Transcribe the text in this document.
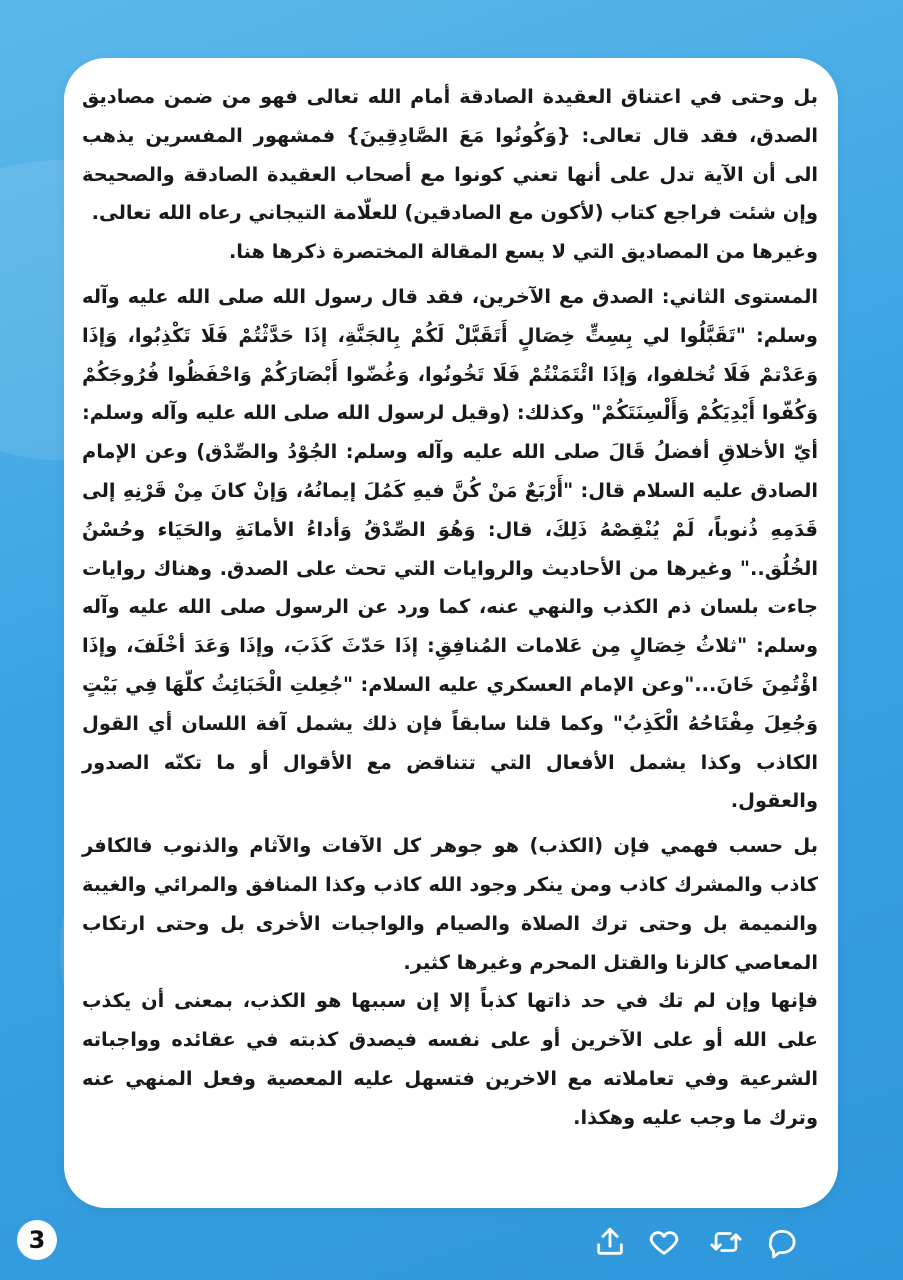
بل وحتى في اعتناق العقيدة الصادقة أمام الله تعالى فهو من ضمن مصاديق الصدق، فقد قال تعالى: {وَكُونُوا مَعَ الصَّادِقِينَ} فمشهور المفسرين يذهب الى أن الآية تدل على أنها تعني كونوا مع أصحاب العقيدة الصادقة والصحيحة وإن شئت فراجع كتاب (لأكون مع الصادقين) للعلّامة التيجاني رعاه الله تعالى.

وغيرها من المصاديق التي لا يسع المقالة المختصرة ذكرها هنا.

المستوى الثاني: الصدق مع الآخرين، فقد قال رسول الله صلى الله عليه وآله وسلم: "تَقَبَّلُوا لي بِسِتٍّ خِصَالٍ أَتَقَبَّلْ لَكُمْ بِالجَنَّةِ، إذَا حَدَّثْتُمْ فَلَا تَكْذِبُوا، وَإذَا وَعَدْتمْ فَلَا تُخلفوا، وَإذَا ائْتَمَنْتُمْ فَلَا تَخُونُوا، وَغُضّوا أَبْصَارَكُمْ وَاحْفَظُوا فُرُوجَكُمْ وَكُفّوا أَيْدِيَكُمْ وَأَلْسِنَتَكُمْ" وكذلك: (وقيل لرسول الله صلى الله عليه وآله وسلم: أيّ الأخلاقِ أفضلُ قَالَ صلى الله عليه وآله وسلم: الجُوْدُ والصِّدْق) وعن الإمام الصادق عليه السلام قال: "أَرْبَعٌ مَنْ كُنَّ فيهِ كَمُلَ إيمانُهُ، وَإنْ كانَ مِنْ قَرْنِهِ إلى قَدَمِهِ ذُنوباً، لَمْ يُنْقِصْهُ ذَلِكَ، قال: وَهُوَ الصِّدْقُ وَأداءُ الأمانَةِ والحَيَاء وحُسْنُ الخُلُق.." وغيرها من الأحاديث والروايات التي تحث على الصدق. وهناك روايات جاءت بلسان ذم الكذب والنهي عنه، كما ورد عن الرسول صلى الله عليه وآله وسلم: "ثلاثُ خِصَالٍ مِن عَلامات المُنافِقِ: إذَا حَدّثَ كَذَبَ، وإذَا وَعَدَ أخْلَفَ، وإذَا اؤْتُمِنَ خَانَ..."وعن الإمام العسكري عليه السلام: "جُعِلتِ الْخَبَائِثُ كلّهَا فِي بَيْتٍ وَجُعِلَ مِفْتَاحُهُ الْكَذِبُ" وكما قلنا سابقاً فإن ذلك يشمل آفة اللسان أي القول الكاذب وكذا يشمل الأفعال التي تتناقض مع الأقوال أو ما تكنّه الصدور والعقول.

بل حسب فهمي فإن (الكذب) هو جوهر كل الآفات والآثام والذنوب فالكافر كاذب والمشرك كاذب ومن ينكر وجود الله كاذب وكذا المنافق والمرائي والغيبة والنميمة بل وحتى ترك الصلاة والصيام والواجبات الأخرى بل وحتى ارتكاب المعاصي كالزنا والقتل المحرم وغيرها كثير.

فإنها وإن لم تك في حد ذاتها كذباً إلا إن سببها هو الكذب، بمعنى أن يكذب على الله أو على الآخرين أو على نفسه فيصدق كذبته في عقائده وواجباته الشرعية وفي تعاملاته مع الاخرين فتسهل عليه المعصية وفعل المنهي عنه وترك ما وجب عليه وهكذا.

3
